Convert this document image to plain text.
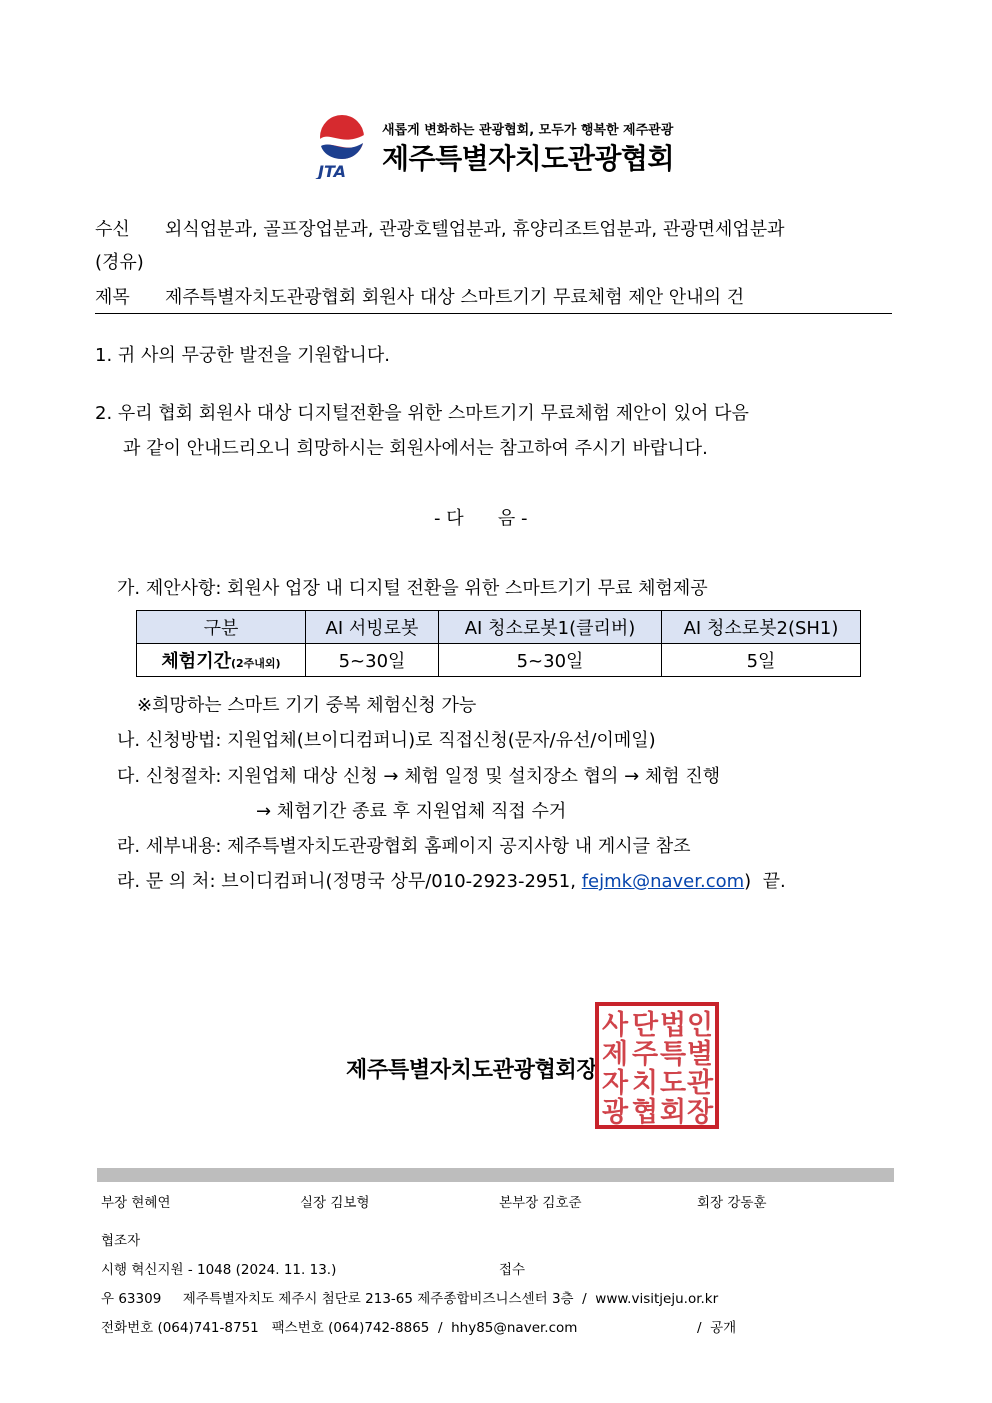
JTA
새롭게 변화하는 관광협회, 모두가 행복한 제주관광
제주특별자치도관광협회
수신 외식업분과, 골프장업분과, 관광호텔업분과, 휴양리조트업분과, 관광면세업분과
(경유)
제목 제주특별자치도관광협회 회원사 대상 스마트기기 무료체험 제안 안내의 건
1. 귀 사의 무궁한 발전을 기원합니다.
2. 우리 협회 회원사 대상 디지털전환을 위한 스마트기기 무료체험 제안이 있어 다음
과 같이 안내드리오니 희망하시는 회원사에서는 참고하여 주시기 바랍니다.
- 다      음 -
가. 제안사항: 회원사 업장 내 디지털 전환을 위한 스마트기기 무료 체험제공
구분	AI 서빙로봇	AI 청소로봇1(클리버)	AI 청소로봇2(SH1)
체험기간(2주내외)	5~30일	5~30일	5일
※희망하는 스마트 기기 중복 체험신청 가능
나. 신청방법: 지원업체(브이디컴퍼니)로 직접신청(문자/유선/이메일)
다. 신청절차: 지원업체 대상 신청 → 체험 일정 및 설치장소 협의 → 체험 진행
→ 체험기간 종료 후 지원업체 직접 수거
라. 세부내용: 제주특별자치도관광협회 홈페이지 공지사항 내 게시글 참조
라. 문 의 처: 브이디컴퍼니(정명국 상무/010-2923-2951, fejmk@naver.com)  끝.
제주특별자치도관광협회장
사 단 법 인
제 주 특 별
자 치 도 관
광 협 회 장
부장 현혜연	실장 김보형	본부장 김호준	회장 강동훈
협조자
시행 혁신지원 - 1048 (2024. 11. 13.)	접수
우 63309     제주특별자치도 제주시 첨단로 213-65 제주종합비즈니스센터 3층  /  www.visitjeju.or.kr
전화번호 (064)741-8751   팩스번호 (064)742-8865  /  hhy85@naver.com	/  공개
